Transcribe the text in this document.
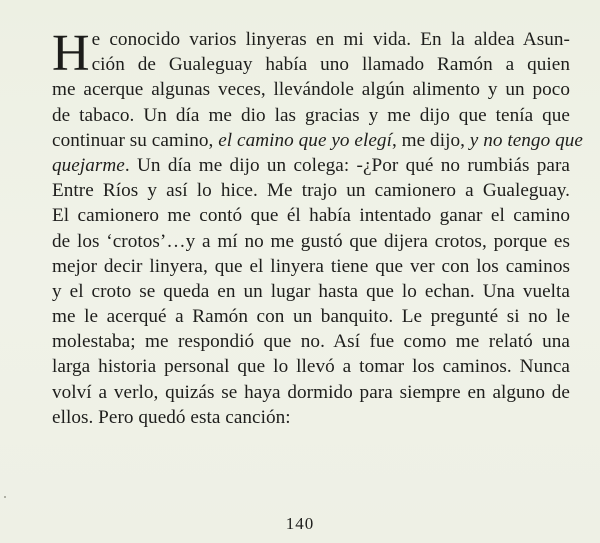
H e conocido varios linyeras en mi vida. En la aldea Asun-
ción de Gualeguay había uno llamado Ramón a quien
me acerque algunas veces, llevándole algún alimento y un poco
de tabaco. Un día me dio las gracias y me dijo que tenía que
continuar su camino, el camino que yo elegí, me dijo, y no tengo que
quejarme. Un día me dijo un colega: -¿Por qué no rumbiás para
Entre Ríos y así lo hice. Me trajo un camionero a Gualeguay.
El camionero me contó que él había intentado ganar el camino
de los ‘crotos’…y a mí no me gustó que dijera crotos, porque es
mejor decir linyera, que el linyera tiene que ver con los caminos
y el croto se queda en un lugar hasta que lo echan. Una vuelta
me le acerqué a Ramón con un banquito. Le pregunté si no le
molestaba; me respondió que no. Así fue como me relató una
larga historia personal que lo llevó a tomar los caminos. Nunca
volví a verlo, quizás se haya dormido para siempre en alguno de
ellos. Pero quedó esta canción:
140
